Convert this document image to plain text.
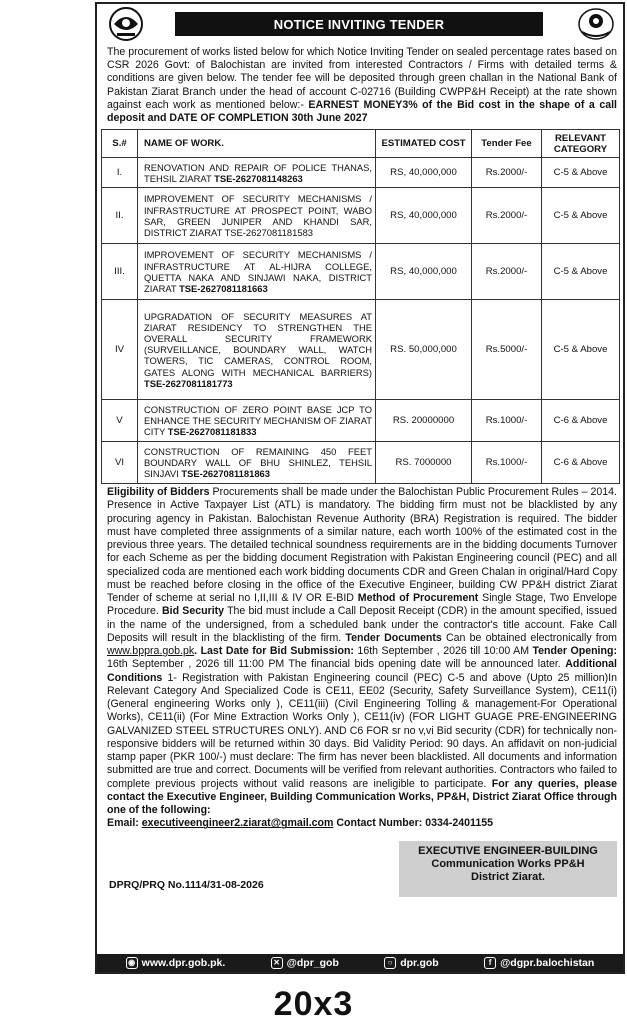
NOTICE INVITING TENDER
The procurement of works listed below for which Notice Inviting Tender on sealed percentage rates based on CSR 2026 Govt: of Balochistan are invited from interested Contractors / Firms with detailed terms & conditions are given below. The tender fee will be deposited through green challan in the National Bank of Pakistan Ziarat Branch under the head of account C-02716 (Building CWPP&H Receipt) at the rate shown against each work as mentioned below:- EARNEST MONEY3% of the Bid cost in the shape of a call deposit and DATE OF COMPLETION 30th June 2027
S.#	NAME OF WORK.	ESTIMATED COST	Tender Fee	RELEVANT CATEGORY
I.	RENOVATION AND REPAIR OF POLICE THANAS, TEHSIL ZIARAT TSE-2627081148263	RS, 40,000,000	Rs.2000/-	C-5 & Above
II.	IMPROVEMENT OF SECURITY MECHANISMS / INFRASTRUCTURE AT PROSPECT POINT, WABO SAR, GREEN JUNIPER AND KHANDI SAR, DISTRICT ZIARAT TSE-2627081181583	RS, 40,000,000	Rs.2000/-	C-5 & Above
III.	IMPROVEMENT OF SECURITY MECHANISMS / INFRASTRUCTURE AT AL-HIJRA COLLEGE, QUETTA NAKA AND SINJAWI NAKA, DISTRICT ZIARAT TSE-2627081181663	RS, 40,000,000	Rs.2000/-	C-5 & Above
IV	UPGRADATION OF SECURITY MEASURES AT ZIARAT RESIDENCY TO STRENGTHEN THE OVERALL SECURITY FRAMEWORK (SURVEILLANCE, BOUNDARY WALL, WATCH TOWERS, TIC CAMERAS, CONTROL ROOM, GATES ALONG WITH MECHANICAL BARRIERS) TSE-2627081181773	RS. 50,000,000	Rs.5000/-	C-5 & Above
V	CONSTRUCTION OF ZERO POINT BASE JCP TO ENHANCE THE SECURITY MECHANISM OF ZIARAT CITY TSE-2627081181833	RS. 20000000	Rs.1000/-	C-6 & Above
VI	CONSTRUCTION OF REMAINING 450 FEET BOUNDARY WALL OF BHU SHINLEZ, TEHSIL SINJAVI TSE-2627081181863	RS. 7000000	Rs.1000/-	C-6 & Above
Eligibility of Bidders Procurements shall be made under the Balochistan Public Procurement Rules – 2014. Presence in Active Taxpayer List (ATL) is mandatory. The bidding firm must not be blacklisted by any procuring agency in Pakistan. Balochistan Revenue Authority (BRA) Registration is required. The bidder must have completed three assignments of a similar nature, each worth 100% of the estimated cost in the previous three years. The detailed technical soundness requirements are in the bidding documents Turnover for each Scheme as per the bidding document Registration with Pakistan Engineering council (PEC) and all specialized coda are mentioned each work bidding documents CDR and Green Chalan in original/Hard Copy must be reached before closing in the office of the Executive Engineer, building CW PP&H district Ziarat Tender of scheme at serial no I,II,III & IV OR E-BID Method of Procurement Single Stage, Two Envelope Procedure. Bid Security The bid must include a Call Deposit Receipt (CDR) in the amount specified, issued in the name of the undersigned, from a scheduled bank under the contractor's title account. Fake Call Deposits will result in the blacklisting of the firm. Tender Documents Can be obtained electronically from www.bppra.gob.pk. Last Date for Bid Submission: 16th September , 2026 till 10:00 AM Tender Opening: 16th September , 2026 till 11:00 PM The financial bids opening date will be announced later. Additional Conditions 1- Registration with Pakistan Engineering council (PEC) C-5 and above (Upto 25 million)In Relevant Category And Specialized Code is CE11, EE02 (Security, Safety Surveillance System), CE11(i) (General engineering Works only ), CE11(iii) (Civil Engineering Tolling & management-For Operational Works), CE11(ii) (For Mine Extraction Works Only ), CE11(iv) (FOR LIGHT GUAGE PRE-ENGINEERING GALVANIZED STEEL STRUCTURES ONLY). AND C6 FOR sr no v,vi Bid security (CDR) for technically non-responsive bidders will be returned within 30 days. Bid Validity Period: 90 days. An affidavit on non-judicial stamp paper (PKR 100/-) must declare: The firm has never been blacklisted. All documents and information submitted are true and correct. Documents will be verified from relevant authorities. Contractors who failed to complete previous projects without valid reasons are ineligible to participate. For any queries, please contact the Executive Engineer, Building Communication Works, PP&H, District Ziarat Office through one of the following:
Email: executiveengineer2.ziarat@gmail.com Contact Number: 0334-2401155
EXECUTIVE ENGINEER-BUILDING
Communication Works PP&H
District Ziarat.
DPRQ/PRQ No.1114/31-08-2026
◉ www.dpr.gob.pk.	✕ @dpr_gob	○ dpr.gob	f @dgpr.balochistan
20x3
